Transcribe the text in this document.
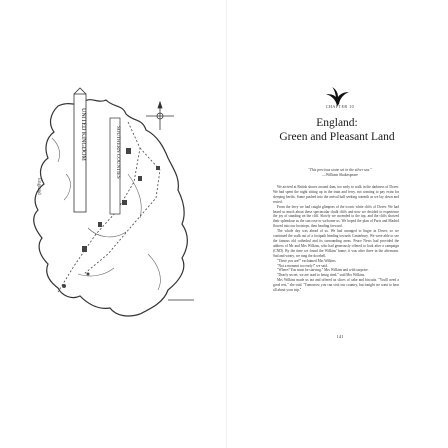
UNITED KINGDOM	SOUTHERN COUNTIES
England
CHAPTER 10
England:
Green and Pleasant Land
"This precious stone set in the silver sea."
—William Shakespeare

We arrived at British shores around 4am, too early to walk in the darkness of Dover. We had spent the night sitting up in the train and ferry, not wanting to pay extra for sleeping berths. Some pushed into the arrival hall seeking warmth as we lay down and rested.

From the ferry we had caught glimpses of the iconic white cliffs of Dover. We had heard so much about these spectacular chalk cliffs and now we decided to experience the joy of standing on the cliff. Slowly we ascended to the top, and the cliffs showed their splendour as the sun rose to welcome us. We hoped the plan of Paris and Madrid flowed into our footsteps, then heading forward.

The whole day was ahead of us. We had arranged to linger in Dover, so we continued the walk out of a footpath heading towards Canterbury. We were able to see the famous old cathedral and its surrounding areas. Peace News had provided the address of Mr and Mrs Wilkins, who had generously offered to look after a campaign (CND). By the time we found the Wilkins' home, it was after three in the afternoon. Sad and weary, we rang the doorbell.

"There you are!" exclaimed Mrs Wilkins.

"Not a moment too early!" we said.

"Where? You must be starving." Mrs Wilkins and with surprise.

"Dearly secret, we are used to being tired," said Mrs Wilkins.

Mrs Wilkins made us tea and offered us slices of cake and biscuits. "You'll need a good rest," she said. "Tomorrow you can visit our country, but tonight we want to hear all about your trip."

141
